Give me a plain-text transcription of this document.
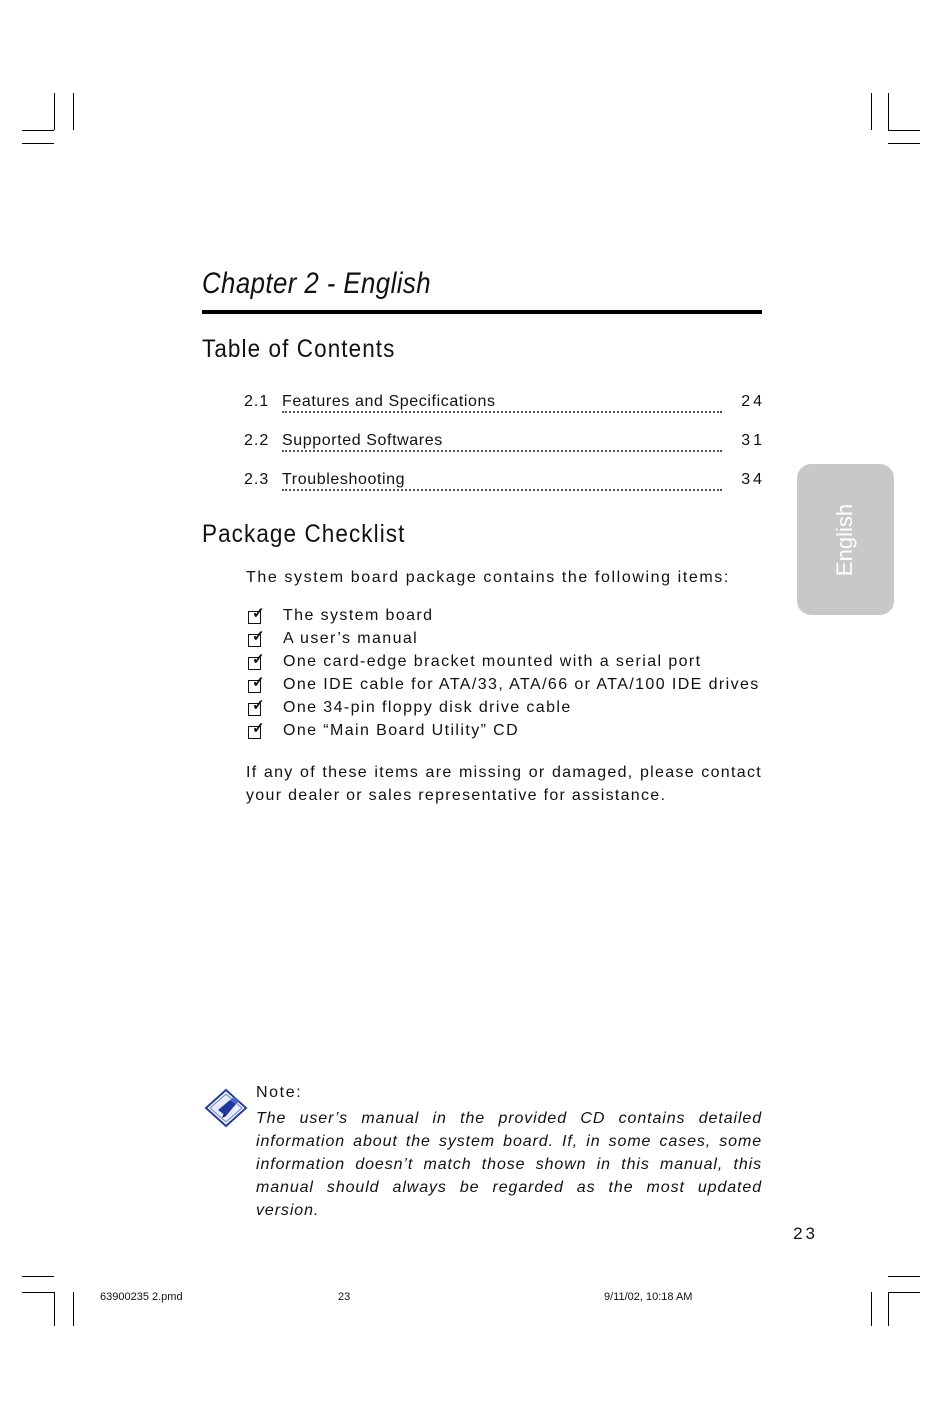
Chapter 2 - English
Table of Contents
2.1 Features and Specifications	24
2.2 Supported Softwares	31
2.3 Troubleshooting	34
Package Checklist
The system board package contains the following items:
✓ The system board
✓ A user’s manual
✓ One card-edge bracket mounted with a serial port
✓ One IDE cable for ATA/33, ATA/66 or ATA/100 IDE drives
✓ One 34-pin floppy disk drive cable
✓ One “Main Board Utility” CD
If any of these items are missing or damaged, please contact your dealer or sales representative for assistance.
Note:
The user’s manual in the provided CD contains detailed information about the system board. If, in some cases, some information doesn’t match those shown in this manual, this manual should always be regarded as the most updated version.
23
English
63900235 2.pmd	23	9/11/02, 10:18 AM
